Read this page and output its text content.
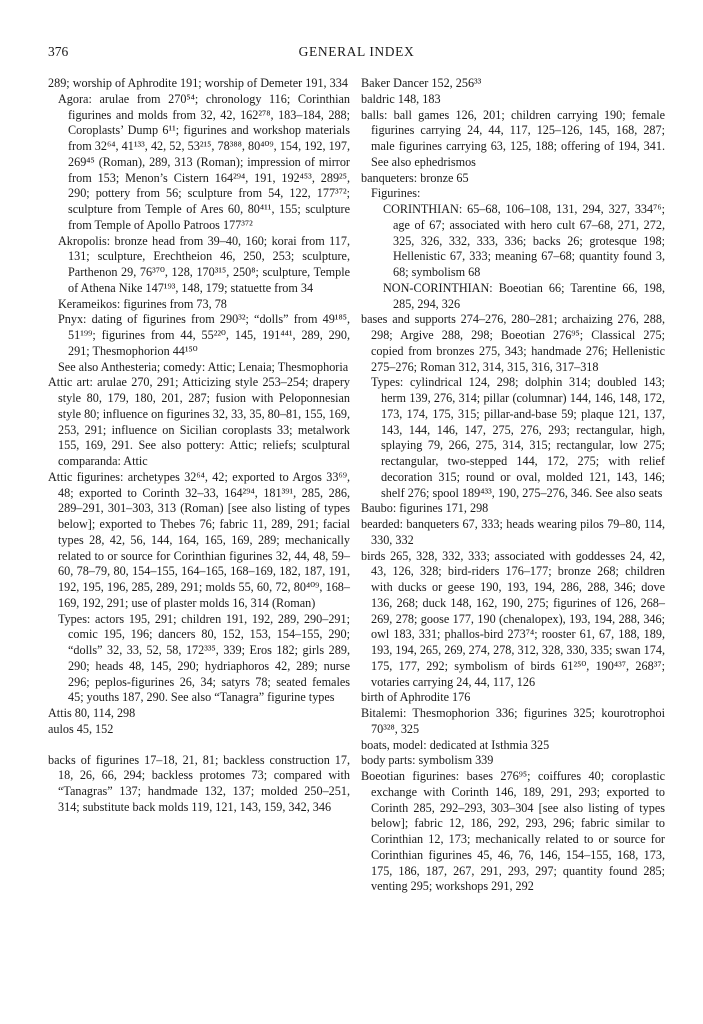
376	GENERAL INDEX

289; worship of Aphrodite 191; worship of Demeter 191, 334

Agora: arulae from 270⁵⁴; chronology 116; Corinthian figurines and molds from 32, 42, 162²⁷⁸, 183–184, 288; Coroplasts’ Dump 6¹¹; figurines and workshop materials from 32⁶⁴, 41¹³³, 42, 52, 53²¹⁵, 78³⁸⁸, 80⁴⁰⁹, 154, 192, 197, 269⁴⁵ (Roman), 289, 313 (Roman); impression of mirror from 153; Menon’s Cistern 164²⁹⁴, 191, 192⁴⁵³, 289²⁵, 290; pottery from 56; sculpture from 54, 122, 177³⁷²; sculpture from Temple of Ares 60, 80⁴¹¹, 155; sculpture from Temple of Apollo Patroos 177³⁷²

Akropolis: bronze head from 39–40, 160; korai from 117, 131; sculpture, Erechtheion 46, 250, 253; sculpture, Parthenon 29, 76³⁷⁰, 128, 170³¹⁵, 250⁸; sculpture, Temple of Athena Nike 147¹⁹³, 148, 179; statuette from 34

Kerameikos: figurines from 73, 78

Pnyx: dating of figurines from 290³²; “dolls” from 49¹⁸⁵, 51¹⁹⁹; figurines from 44, 55²²⁰, 145, 191⁴⁴¹, 289, 290, 291; Thesmophorion 44¹⁵⁰

See also Anthesteria; comedy: Attic; Lenaia; Thesmophoria

Attic art: arulae 270, 291; Atticizing style 253–254; drapery style 80, 179, 180, 201, 287; fusion with Peloponnesian style 80; influence on figurines 32, 33, 35, 80–81, 155, 169, 253, 291; influence on Sicilian coroplasts 33; metalwork 155, 169, 291. See also pottery: Attic; reliefs; sculptural comparanda: Attic

Attic figurines: archetypes 32⁶⁴, 42; exported to Argos 33⁶⁹, 48; exported to Corinth 32–33, 164²⁹⁴, 181³⁹¹, 285, 286, 289–291, 301–303, 313 (Roman) [see also listing of types below]; exported to Thebes 76; fabric 11, 289, 291; facial types 28, 42, 56, 144, 164, 165, 169, 289; mechanically related to or source for Corinthian figurines 32, 44, 48, 59–60, 78–79, 80, 154–155, 164–165, 168–169, 182, 187, 191, 192, 195, 196, 285, 289, 291; molds 55, 60, 72, 80⁴⁰⁹, 168–169, 192, 291; use of plaster molds 16, 314 (Roman)

Types: actors 195, 291; children 191, 192, 289, 290–291; comic 195, 196; dancers 80, 152, 153, 154–155, 290; “dolls” 32, 33, 52, 58, 172³³⁵, 339; Eros 182; girls 289, 290; heads 48, 145, 290; hydriaphoros 42, 289; nurse 296; peplos-figurines 26, 34; satyrs 78; seated females 45; youths 187, 290. See also “Tanagra” figurine types

Attis 80, 114, 298

aulos 45, 152

backs of figurines 17–18, 21, 81; backless construction 17, 18, 26, 66, 294; backless protomes 73; compared with “Tanagras” 137; handmade 132, 137; molded 250–251, 314; substitute back molds 119, 121, 143, 159, 342, 346

Baker Dancer 152, 256³³

baldric 148, 183

balls: ball games 126, 201; children carrying 190; female figurines carrying 24, 44, 117, 125–126, 145, 168, 287; male figurines carrying 63, 125, 188; offering of 194, 341. See also ephedrismos

banqueters: bronze 65

Figurines:

CORINTHIAN: 65–68, 106–108, 131, 294, 327, 334⁷⁶; age of 67; associated with hero cult 67–68, 271, 272, 325, 326, 332, 333, 336; backs 26; grotesque 198; Hellenistic 67, 333; meaning 67–68; quantity found 3, 68; symbolism 68

NON-CORINTHIAN: Boeotian 66; Tarentine 66, 198, 285, 294, 326

bases and supports 274–276, 280–281; archaizing 276, 288, 298; Argive 288, 298; Boeotian 276⁹⁵; Classical 275; copied from bronzes 275, 343; handmade 276; Hellenistic 275–276; Roman 312, 314, 315, 316, 317–318

Types: cylindrical 124, 298; dolphin 314; doubled 143; herm 139, 276, 314; pillar (columnar) 144, 146, 148, 172, 173, 174, 175, 315; pillar-and-base 59; plaque 121, 137, 143, 144, 146, 147, 275, 276, 293; rectangular, high, splaying 79, 266, 275, 314, 315; rectangular, low 275; rectangular, two-stepped 144, 172, 275; with relief decoration 315; round or oval, molded 121, 143, 146; shelf 276; spool 189⁴³³, 190, 275–276, 346. See also seats

Baubo: figurines 171, 298

bearded: banqueters 67, 333; heads wearing pilos 79–80, 114, 330, 332

birds 265, 328, 332, 333; associated with goddesses 24, 42, 43, 126, 328; bird-riders 176–177; bronze 268; children with ducks or geese 190, 193, 194, 286, 288, 346; dove 136, 268; duck 148, 162, 190, 275; figurines of 126, 268–269, 278; goose 177, 190 (chenalopex), 193, 194, 288, 346; owl 183, 331; phallos-bird 273⁷⁴; rooster 61, 67, 188, 189, 193, 194, 265, 269, 274, 278, 312, 328, 330, 335; swan 174, 175, 177, 292; symbolism of birds 61²⁵⁰, 190⁴³⁷, 268³⁷; votaries carrying 24, 44, 117, 126

birth of Aphrodite 176

Bitalemi: Thesmophorion 336; figurines 325; kourotrophoi 70³²⁸, 325

boats, model: dedicated at Isthmia 325

body parts: symbolism 339

Boeotian figurines: bases 276⁹⁵; coiffures 40; coroplastic exchange with Corinth 146, 189, 291, 293; exported to Corinth 285, 292–293, 303–304 [see also listing of types below]; fabric 12, 186, 292, 293, 296; fabric similar to Corinthian 12, 173; mechanically related to or source for Corinthian figurines 45, 46, 76, 146, 154–155, 168, 173, 175, 186, 187, 267, 291, 293, 297; quantity found 285; venting 295; workshops 291, 292
